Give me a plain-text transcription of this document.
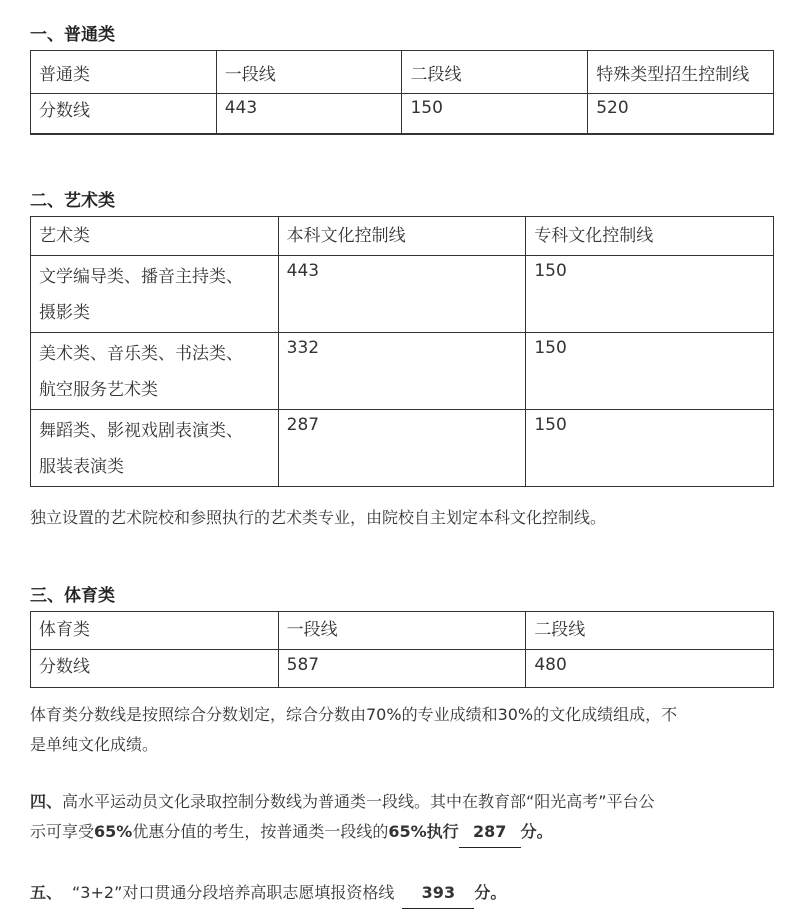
一、普通类
普通类	一段线	二段线	特殊类型招生控制线
分数线	443	150	520
二、艺术类
艺术类	本科文化控制线	专科文化控制线

文学编导类、播音主持类、
摄影类	443	150

美术类、音乐类、书法类、
航空服务艺术类	332	150

舞蹈类、影视戏剧表演类、
服装表演类	287	150
独立设置的艺术院校和参照执行的艺术类专业，由院校自主划定本科文化控制线。
三、体育类
体育类	一段线	二段线
分数线	587	480
体育类分数线是按照综合分数划定，综合分数由70%的专业成绩和30%的文化成绩组成，不
是单纯文化成绩。
四、高水平运动员文化录取控制分数线为普通类一段线。其中在教育部“阳光高考”平台公
示可享受65%优惠分值的考生，按普通类一段线的65%执行 287 分。
五、 “3+2”对口贯通分段培养高职志愿填报资格线 393 分。
